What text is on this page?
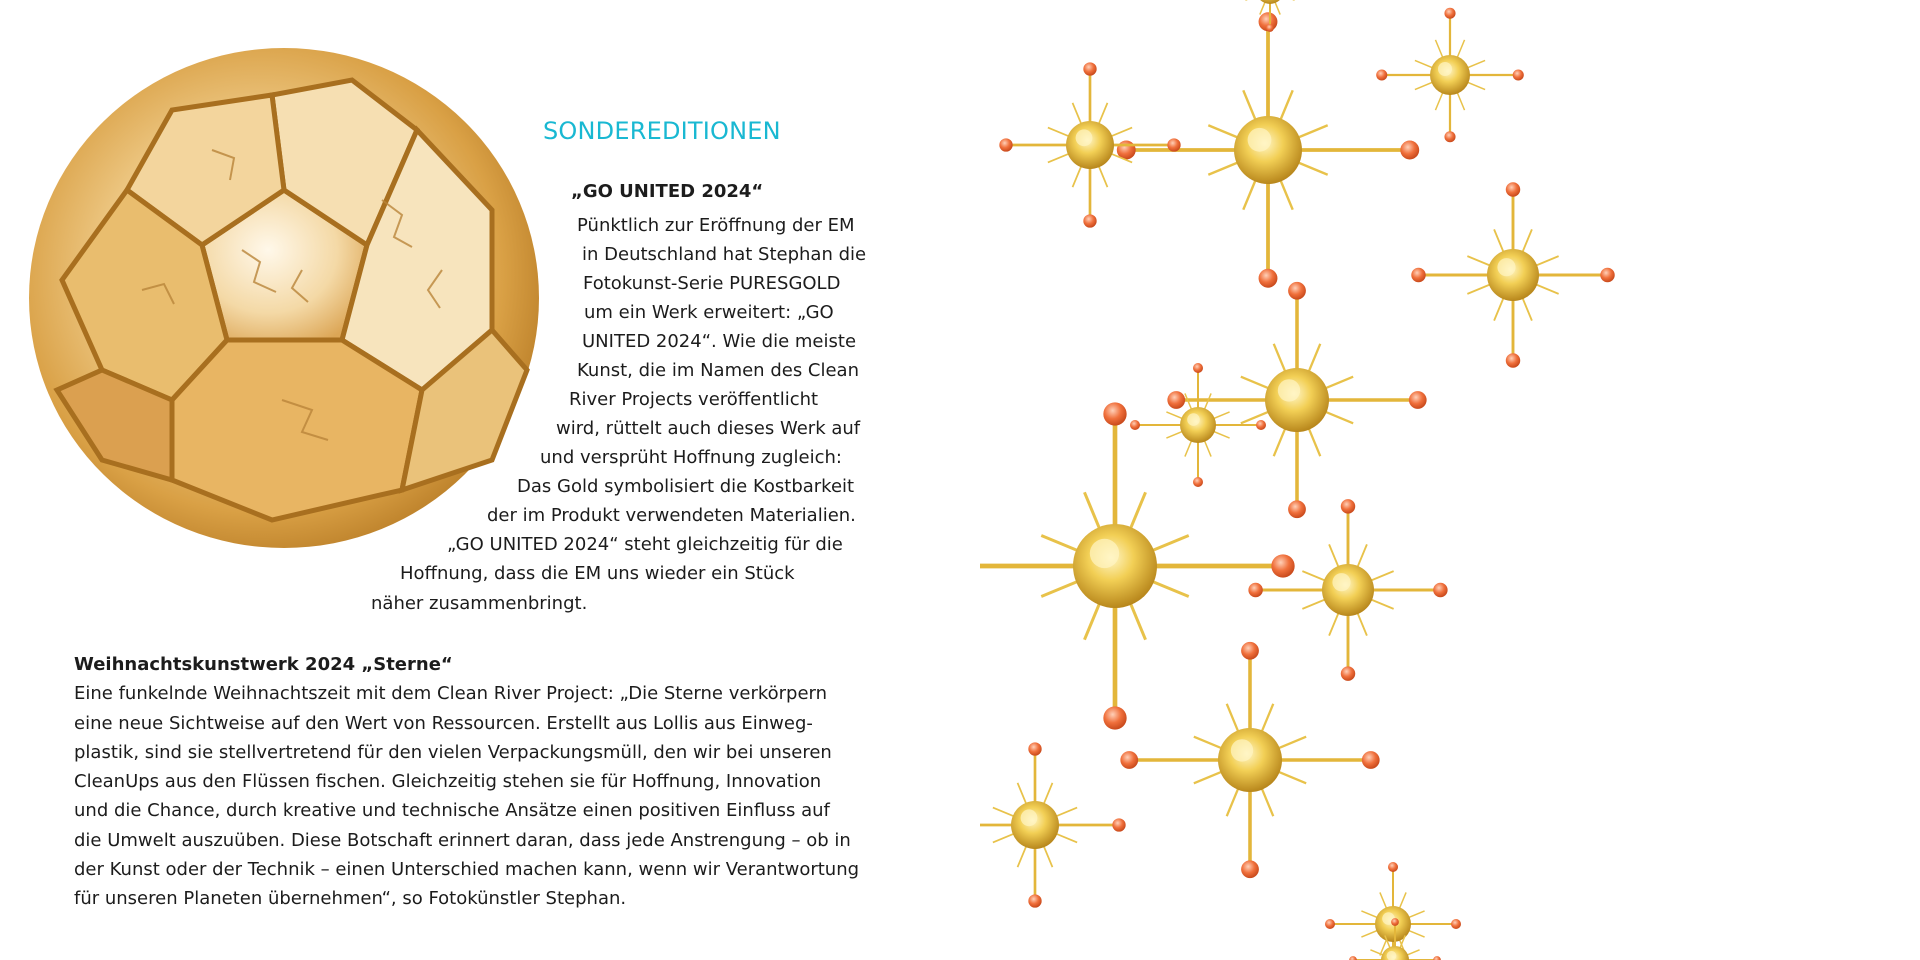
SONDEREDITIONEN
„GO UNITED 2024“
Pünktlich zur Eröffnung der EM
in Deutschland hat Stephan die
Fotokunst-Serie PURESGOLD
um ein Werk erweitert: „GO
UNITED 2024“. Wie die meiste
Kunst, die im Namen des Clean
River Projects veröffentlicht
wird, rüttelt auch dieses Werk auf
und versprüht Hoffnung zugleich:
Das Gold symbolisiert die Kostbarkeit
der im Produkt verwendeten Materialien.
„GO UNITED 2024“ steht gleichzeitig für die
Hoffnung, dass die EM uns wieder ein Stück
näher zusammenbringt.
Weihnachtskunstwerk 2024 „Sterne“
Eine funkelnde Weihnachtszeit mit dem Clean River Project: „Die Sterne verkörpern
eine neue Sichtweise auf den Wert von Ressourcen. Erstellt aus Lollis aus Einweg-
plastik, sind sie stellvertretend für den vielen Verpackungsmüll, den wir bei unseren
CleanUps aus den Flüssen fischen. Gleichzeitig stehen sie für Hoffnung, Innovation
und die Chance, durch kreative und technische Ansätze einen positiven Einfluss auf
die Umwelt auszuüben. Diese Botschaft erinnert daran, dass jede Anstrengung – ob in
der Kunst oder der Technik – einen Unterschied machen kann, wenn wir Verantwortung
für unseren Planeten übernehmen“, so Fotokünstler Stephan.
